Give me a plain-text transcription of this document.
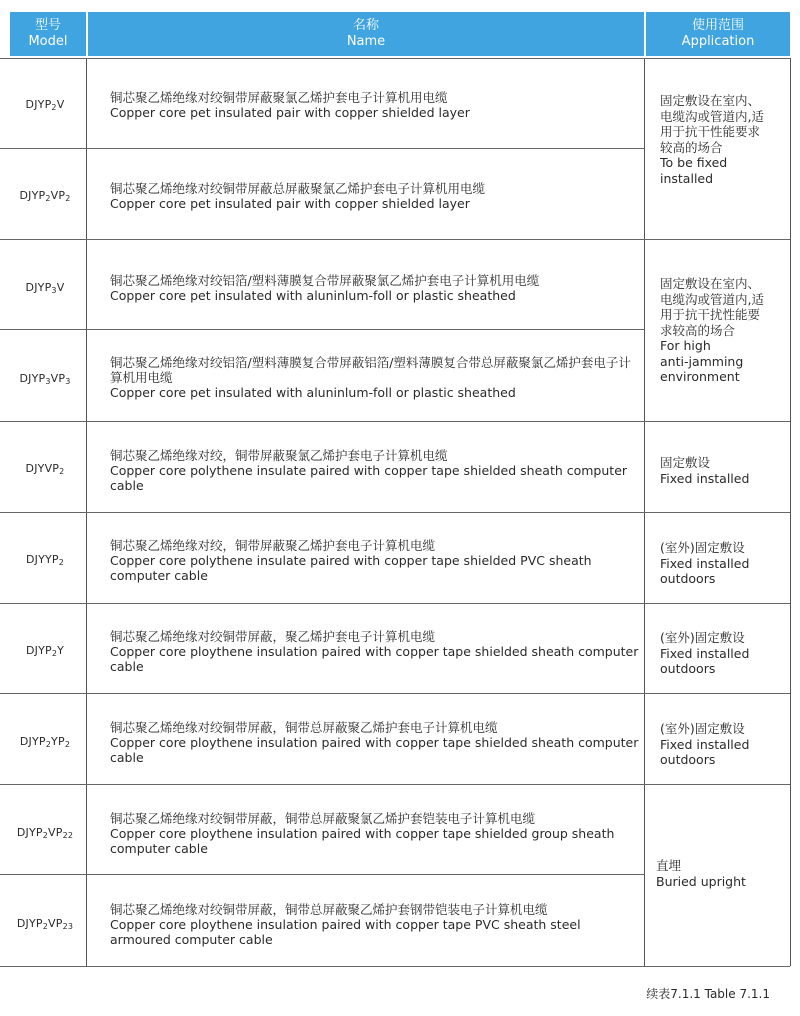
型号
Model
名称
Name
使用范围
Application
$DJYP_2V$
$DJYP_2VP_2$
$DJYP_3V$
$DJYP_3VP_3$
$DJYVP_2$
$DJYYP_2$
$DJYP_2Y$
$DJYP_2YP_2$
$DJYP_2VP_{22}$
$DJYP_2VP_{23}$
铜芯聚乙烯绝缘对绞铜带屏蔽聚氯乙烯护套电子计算机用电缆
Copper core pet insulated pair with copper shielded layer
铜芯聚乙烯绝缘对绞铜带屏蔽总屏蔽聚氯乙烯护套电子计算机用电缆
Copper core pet insulated pair with copper shielded layer
铜芯聚乙烯绝缘对绞铝箔/塑料薄膜复合带屏蔽聚氯乙烯护套电子计算机用电缆
Copper core pet insulated with aluninlum-foll or plastic sheathed
铜芯聚乙烯绝缘对绞铝箔/塑料薄膜复合带屏蔽铝箔/塑料薄膜复合带总屏蔽聚氯乙烯护套电子计算机用电缆
Copper core pet insulated with aluninlum-foll or plastic sheathed
铜芯聚乙烯绝缘对绞，铜带屏蔽聚氯乙烯护套电子计算机电缆
Copper core polythene insulate paired with copper tape shielded sheath computer cable
铜芯聚乙烯绝缘对绞，铜带屏蔽聚乙烯护套电子计算机电缆
Copper core polythene insulate paired with copper tape shielded PVC sheath computer cable
铜芯聚乙烯绝缘对绞铜带屏蔽，聚乙烯护套电子计算机电缆
Copper core ploythene insulation paired with copper tape shielded sheath computer cable
铜芯聚乙烯绝缘对绞铜带屏蔽，铜带总屏蔽聚乙烯护套电子计算机电缆
Copper core ploythene insulation paired with copper tape shielded sheath computer cable
铜芯聚乙烯绝缘对绞铜带屏蔽，铜带总屏蔽聚氯乙烯护套铠装电子计算机电缆
Copper core ploythene insulation paired with copper tape shielded group sheath computer cable
铜芯聚乙烯绝缘对绞铜带屏蔽，铜带总屏蔽聚乙烯护套钢带铠装电子计算机电缆
Copper core ploythene insulation paired with copper tape PVC sheath steel armoured computer cable
固定敷设在室内、
电缆沟或管道内,适
用于抗干性能要求
较高的场合
To be fixed
installed
固定敷设在室内、
电缆沟或管道内,适
用于抗干扰性能要
求较高的场合
For high
anti-jamming
environment
固定敷设
Fixed installed
(室外)固定敷设
Fixed installed
outdoors
(室外)固定敷设
Fixed installed
outdoors
(室外)固定敷设
Fixed installed
outdoors
直埋
Buried upright
续表7.1.1 Table 7.1.1
